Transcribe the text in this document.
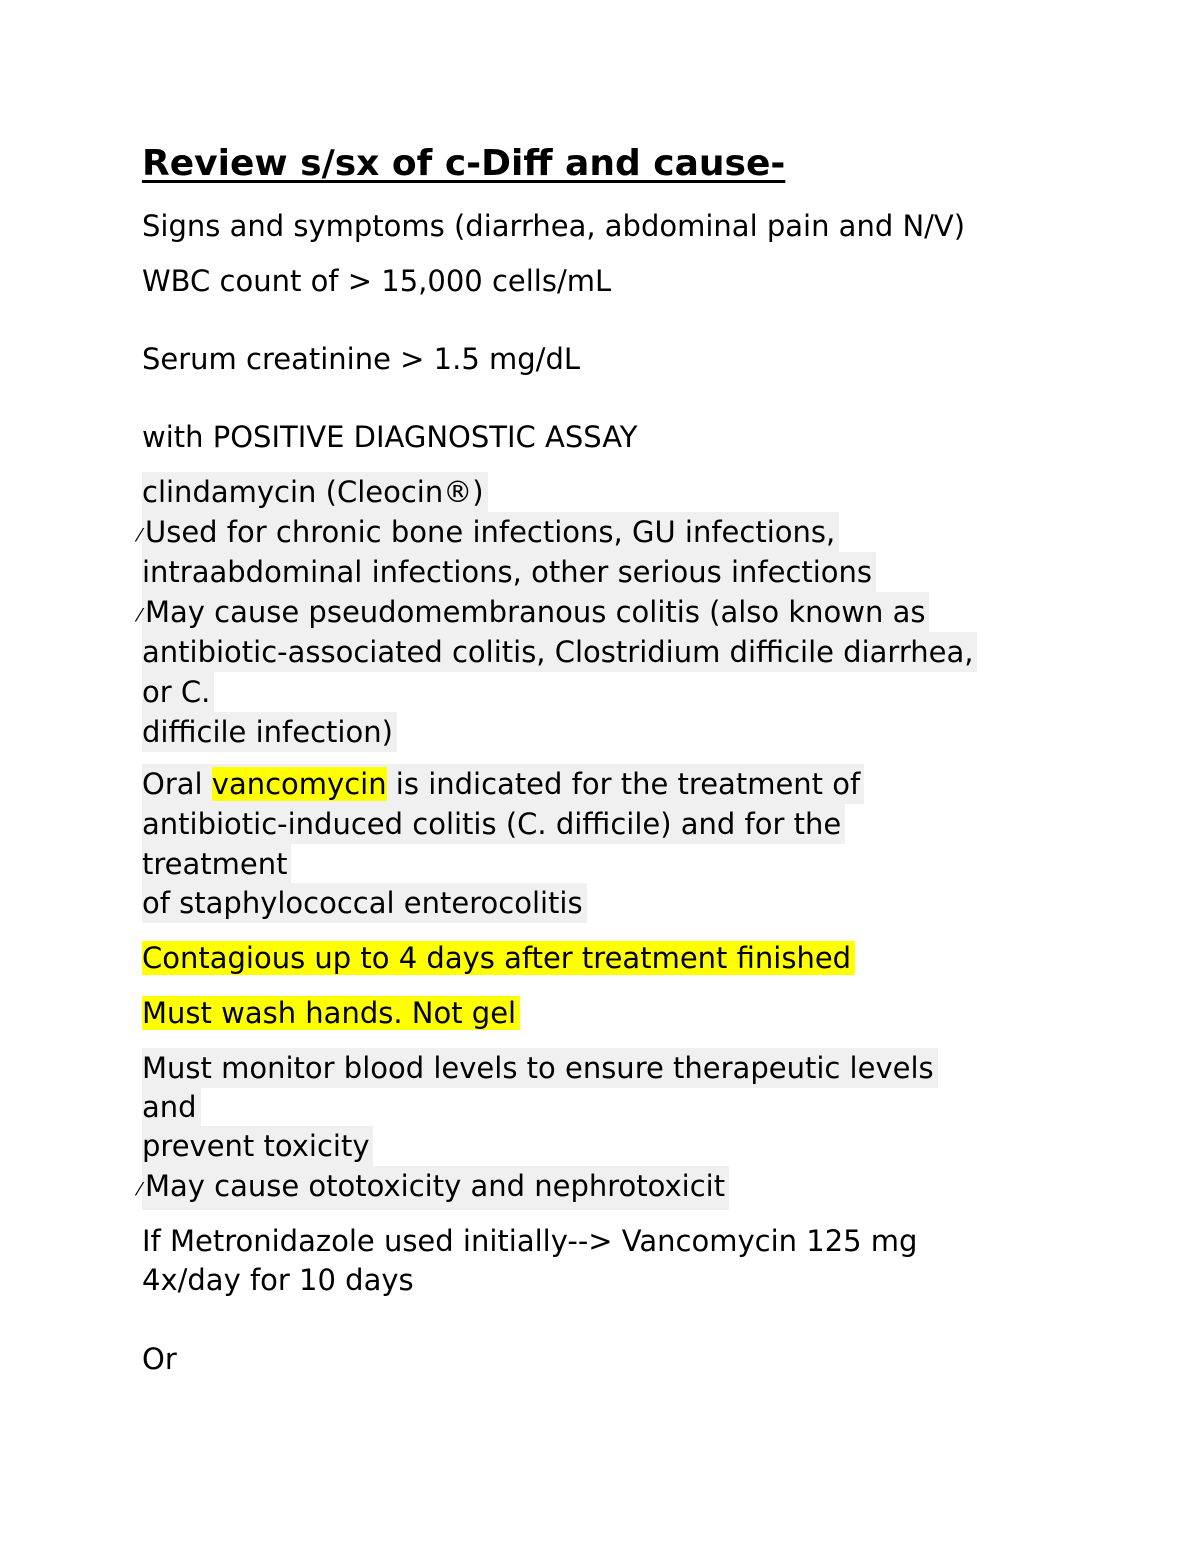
Review s/sx of c-Diff and cause-
Signs and symptoms (diarrhea, abdominal pain and N/V)
WBC count of > 15,000 cells/mL
Serum creatinine > 1.5 mg/dL
with POSITIVE DIAGNOSTIC ASSAY
clindamycin (Cleocin®)
⁄ Used for chronic bone infections, GU infections,
intraabdominal infections, other serious infections
⁄ May cause pseudomembranous colitis (also known as
antibiotic-associated colitis, Clostridium difficile diarrhea,
or C.
difficile infection)
Oral vancomycin is indicated for the treatment of
antibiotic-induced colitis (C. difficile) and for the
treatment
of staphylococcal enterocolitis
Contagious up to 4 days after treatment finished
Must wash hands. Not gel
Must monitor blood levels to ensure therapeutic levels
and
prevent toxicity
⁄ May cause ototoxicity and nephrotoxicit
If Metronidazole used initially--> Vancomycin 125 mg
4x/day for 10 days
Or
